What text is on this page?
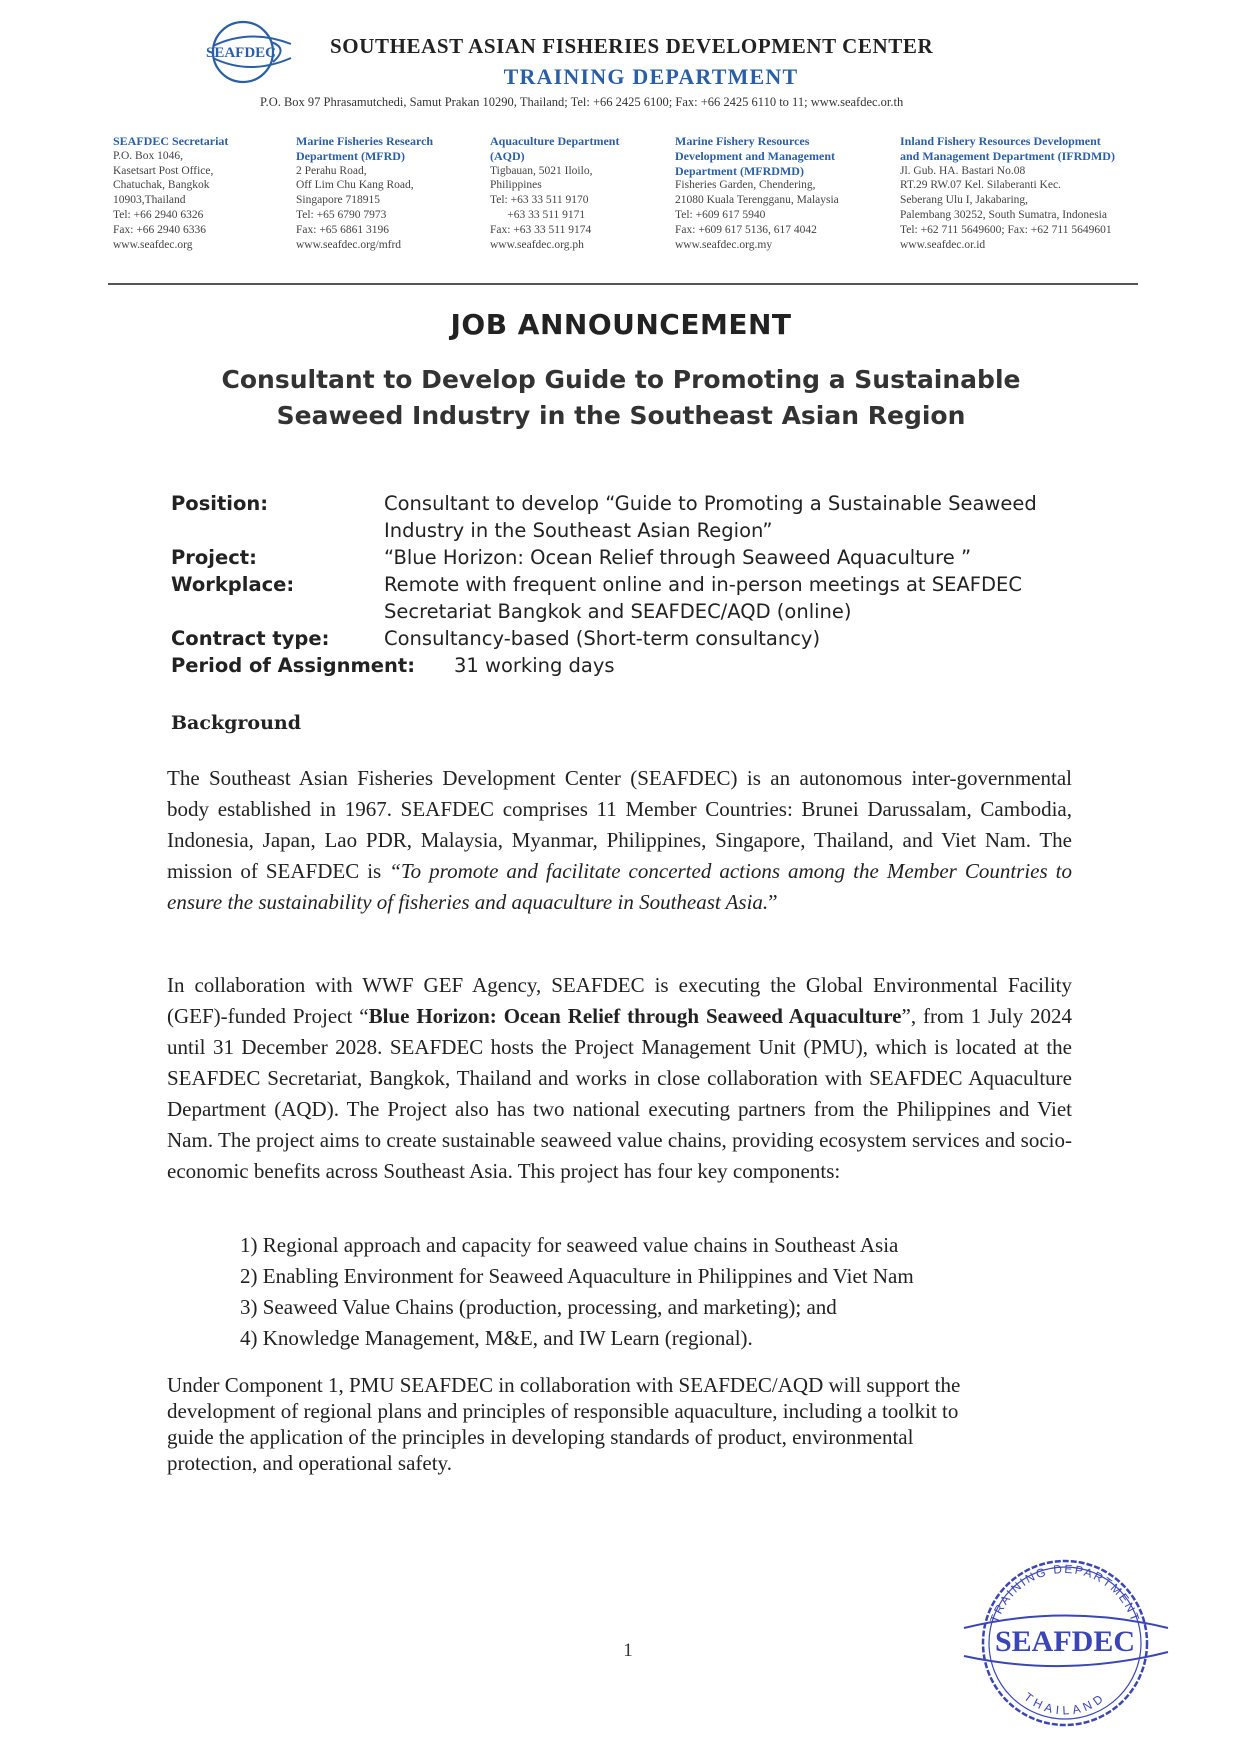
SEAFDEC	SOUTHEAST ASIAN FISHERIES DEVELOPMENT CENTER
TRAINING DEPARTMENT
P.O. Box 97 Phrasamutchedi, Samut Prakan 10290, Thailand; Tel: +66 2425 6100; Fax: +66 2425 6110 to 11; www.seafdec.or.th
SEAFDEC Secretariat
P.O. Box 1046,
Kasetsart Post Office,
Chatuchak, Bangkok
10903,Thailand
Tel: +66 2940 6326
Fax: +66 2940 6336
www.seafdec.org
Marine Fisheries Research
Department (MFRD)
2 Perahu Road,
Off Lim Chu Kang Road,
Singapore 718915
Tel: +65 6790 7973
Fax: +65 6861 3196
www.seafdec.org/mfrd
Aquaculture Department
(AQD)
Tigbauan, 5021 Iloilo,
Philippines
Tel: +63 33 511 9170
+63 33 511 9171
Fax: +63 33 511 9174
www.seafdec.org.ph
Marine Fishery Resources
Development and Management
Department (MFRDMD)
Fisheries Garden, Chendering,
21080 Kuala Terengganu, Malaysia
Tel: +609 617 5940
Fax: +609 617 5136, 617 4042
www.seafdec.org.my
Inland Fishery Resources Development
and Management Department (IFRDMD)
Jl. Gub. HA. Bastari No.08
RT.29 RW.07 Kel. Silaberanti Kec.
Seberang Ulu I, Jakabaring,
Palembang 30252, South Sumatra, Indonesia
Tel: +62 711 5649600; Fax: +62 711 5649601
www.seafdec.or.id
JOB ANNOUNCEMENT
Consultant to Develop Guide to Promoting a Sustainable
Seaweed Industry in the Southeast Asian Region
Position:	Consultant to develop “Guide to Promoting a Sustainable Seaweed
Industry in the Southeast Asian Region”
Project:	“Blue Horizon: Ocean Relief through Seaweed Aquaculture ”
Workplace:	Remote with frequent online and in-person meetings at SEAFDEC
Secretariat Bangkok and SEAFDEC/AQD (online)
Contract type:	Consultancy-based (Short-term consultancy)
Period of Assignment: 31 working days
Background
The Southeast Asian Fisheries Development Center (SEAFDEC) is an autonomous inter-governmental body established in 1967. SEAFDEC comprises 11 Member Countries: Brunei Darussalam, Cambodia, Indonesia, Japan, Lao PDR, Malaysia, Myanmar, Philippines, Singapore, Thailand, and Viet Nam. The mission of SEAFDEC is “To promote and facilitate concerted actions among the Member Countries to ensure the sustainability of fisheries and aquaculture in Southeast Asia.”
In collaboration with WWF GEF Agency, SEAFDEC is executing the Global Environmental Facility (GEF)-funded Project “Blue Horizon: Ocean Relief through Seaweed Aquaculture”, from 1 July 2024 until 31 December 2028. SEAFDEC hosts the Project Management Unit (PMU), which is located at the SEAFDEC Secretariat, Bangkok, Thailand and works in close collaboration with SEAFDEC Aquaculture Department (AQD). The Project also has two national executing partners from the Philippines and Viet Nam. The project aims to create sustainable seaweed value chains, providing ecosystem services and socio-economic benefits across Southeast Asia. This project has four key components:
1) Regional approach and capacity for seaweed value chains in Southeast Asia
2) Enabling Environment for Seaweed Aquaculture in Philippines and Viet Nam
3) Seaweed Value Chains (production, processing, and marketing); and
4) Knowledge Management, M&E, and IW Learn (regional).
Under Component 1, PMU SEAFDEC in collaboration with SEAFDEC/AQD will support the
development of regional plans and principles of responsible aquaculture, including a toolkit to
guide the application of the principles in developing standards of product, environmental
protection, and operational safety.
1
TRAINING DEPARTMENT
THAILAND
SEAFDEC
